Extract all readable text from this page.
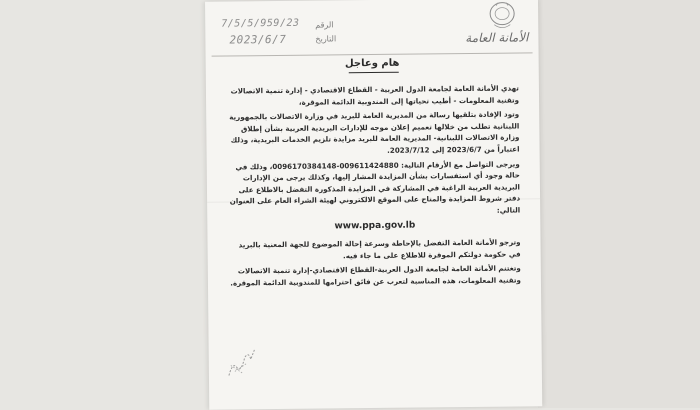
الأمانة العامة
الرقم
7/5/5/959/23
التاريخ
2023/6/7
هام وعاجل

تهدي الأمانة العامة لجامعة الدول العربية - القطاع الاقتصادي - إدارة تنمية الاتصالات وتقنية المعلومات - أطيب تحياتها إلى المندوبية الدائمة الموقرة،

وتود الإفادة بتلقيها رسالة من المديرية العامة للبريد في وزارة الاتصالات بالجمهورية اللبنانية تطلب من خلالها تعميم إعلان موجه للإدارات البريدية العربية بشأن إطلاق وزارة الاتصالات اللبنانية- المديرية العامة للبريد مزايدة تلزيم الخدمات البريدية، وذلك اعتباراً من 2023/6/7 إلى 2023/7/12.

ويرجى التواصل مع الأرقام التالية: 009611424880-0096170384148، وذلك في حالة وجود أي استفسارات بشأن المزايدة المشار إليها، وكذلك يرجى من الإدارات البريدية العربية الراغبة في المشاركة في المزايدة المذكورة التفضل بالاطلاع على دفتر شروط المزايدة والمتاح على الموقع الالكتروني لهيئة الشراء العام على العنوان التالي:

www.ppa.gov.lb

وترجو الأمانة العامة التفضل بالإحاطة وسرعة إحالة الموضوع للجهة المعنية بالبريد في حكومة دولتكم الموقرة للاطلاع على ما جاء فيه.

وتغتنم الأمانة العامة لجامعة الدول العربية-القطاع الاقتصادي-إدارة تنمية الاتصالات وتقنية المعلومات، هذه المناسبة لتعرب عن فائق احترامها للمندوبية الدائمة الموقرة.
